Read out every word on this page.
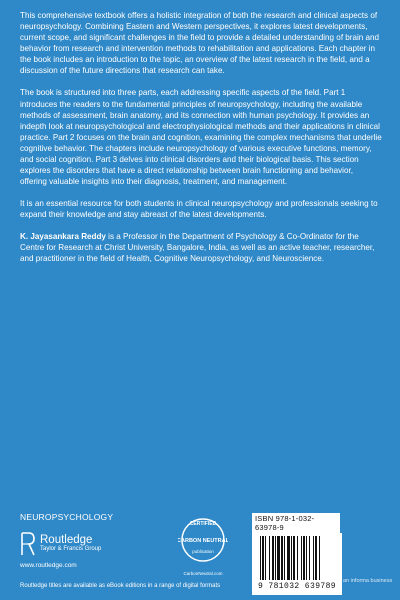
This comprehensive textbook offers a holistic integration of both the research and clinical aspects of neuropsychology. Combining Eastern and Western perspectives, it explores latest developments, current scope, and significant challenges in the field to provide a detailed understanding of brain and behavior from research and intervention methods to rehabilitation and applications. Each chapter in the book includes an introduction to the topic, an overview of the latest research in the field, and a discussion of the future directions that research can take.

The book is structured into three parts, each addressing specific aspects of the field. Part 1 introduces the readers to the fundamental principles of neuropsychology, including the available methods of assessment, brain anatomy, and its connection with human psychology. It provides an indepth look at neuropsychological and electrophysiological methods and their applications in clinical practice. Part 2 focuses on the brain and cognition, examining the complex mechanisms that underlie cognitive behavior. The chapters include neuropsychology of various executive functions, memory, and social cognition. Part 3 delves into clinical disorders and their biological basis. This section explores the disorders that have a direct relationship between brain functioning and behavior, offering valuable insights into their diagnosis, treatment, and management.

It is an essential resource for both students in clinical neuropsychology and professionals seeking to expand their knowledge and stay abreast of the latest developments.

K. Jayasankara Reddy is a Professor in the Department of Psychology & Co-Ordinator for the Centre for Research at Christ University, Bangalore, India, as well as an active teacher, researcher, and practitioner in the field of Health, Cognitive Neuropsychology, and Neuroscience.

NEUROPSYCHOLOGY
Routledge
Taylor & Francis Group
www.routledge.com
Routledge titles are available as eBook editions in a range of digital formats
CERTIFIED
CARBON NEUTRAL
publication
CarbonNeutral.com
ISBN 978-1-032-63978-9
9 781032 639789
an informa business
